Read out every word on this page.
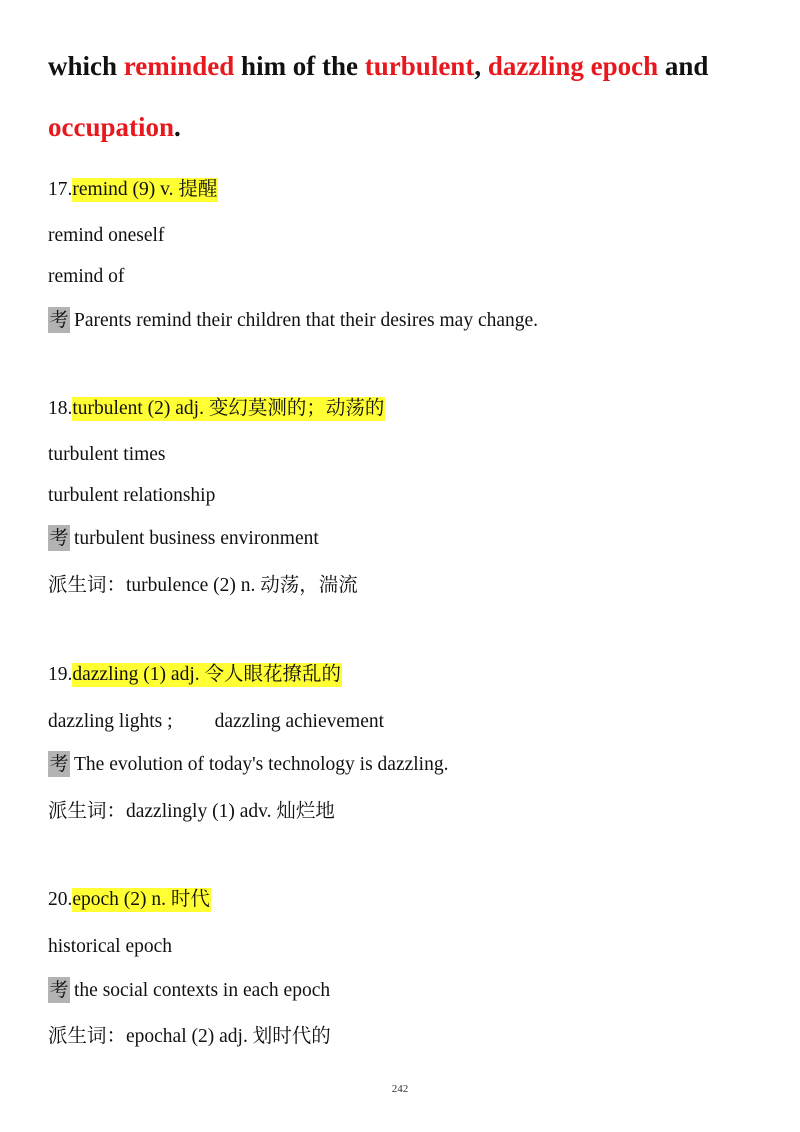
which reminded him of the turbulent, dazzling epoch and

occupation.

17.remind (9) v. 提醒

remind oneself

remind of

考 Parents remind their children that their desires may change.

18.turbulent (2) adj. 变幻莫测的；动荡的

turbulent times

turbulent relationship

考 turbulent business environment

派生词：turbulence (2) n. 动荡，湍流

19.dazzling (1) adj. 令人眼花撩乱的

dazzling lights ; dazzling achievement

考 The evolution of today's technology is dazzling.

派生词：dazzlingly (1) adv. 灿烂地

20.epoch (2) n. 时代

historical epoch

考 the social contexts in each epoch

派生词：epochal (2) adj. 划时代的

242
